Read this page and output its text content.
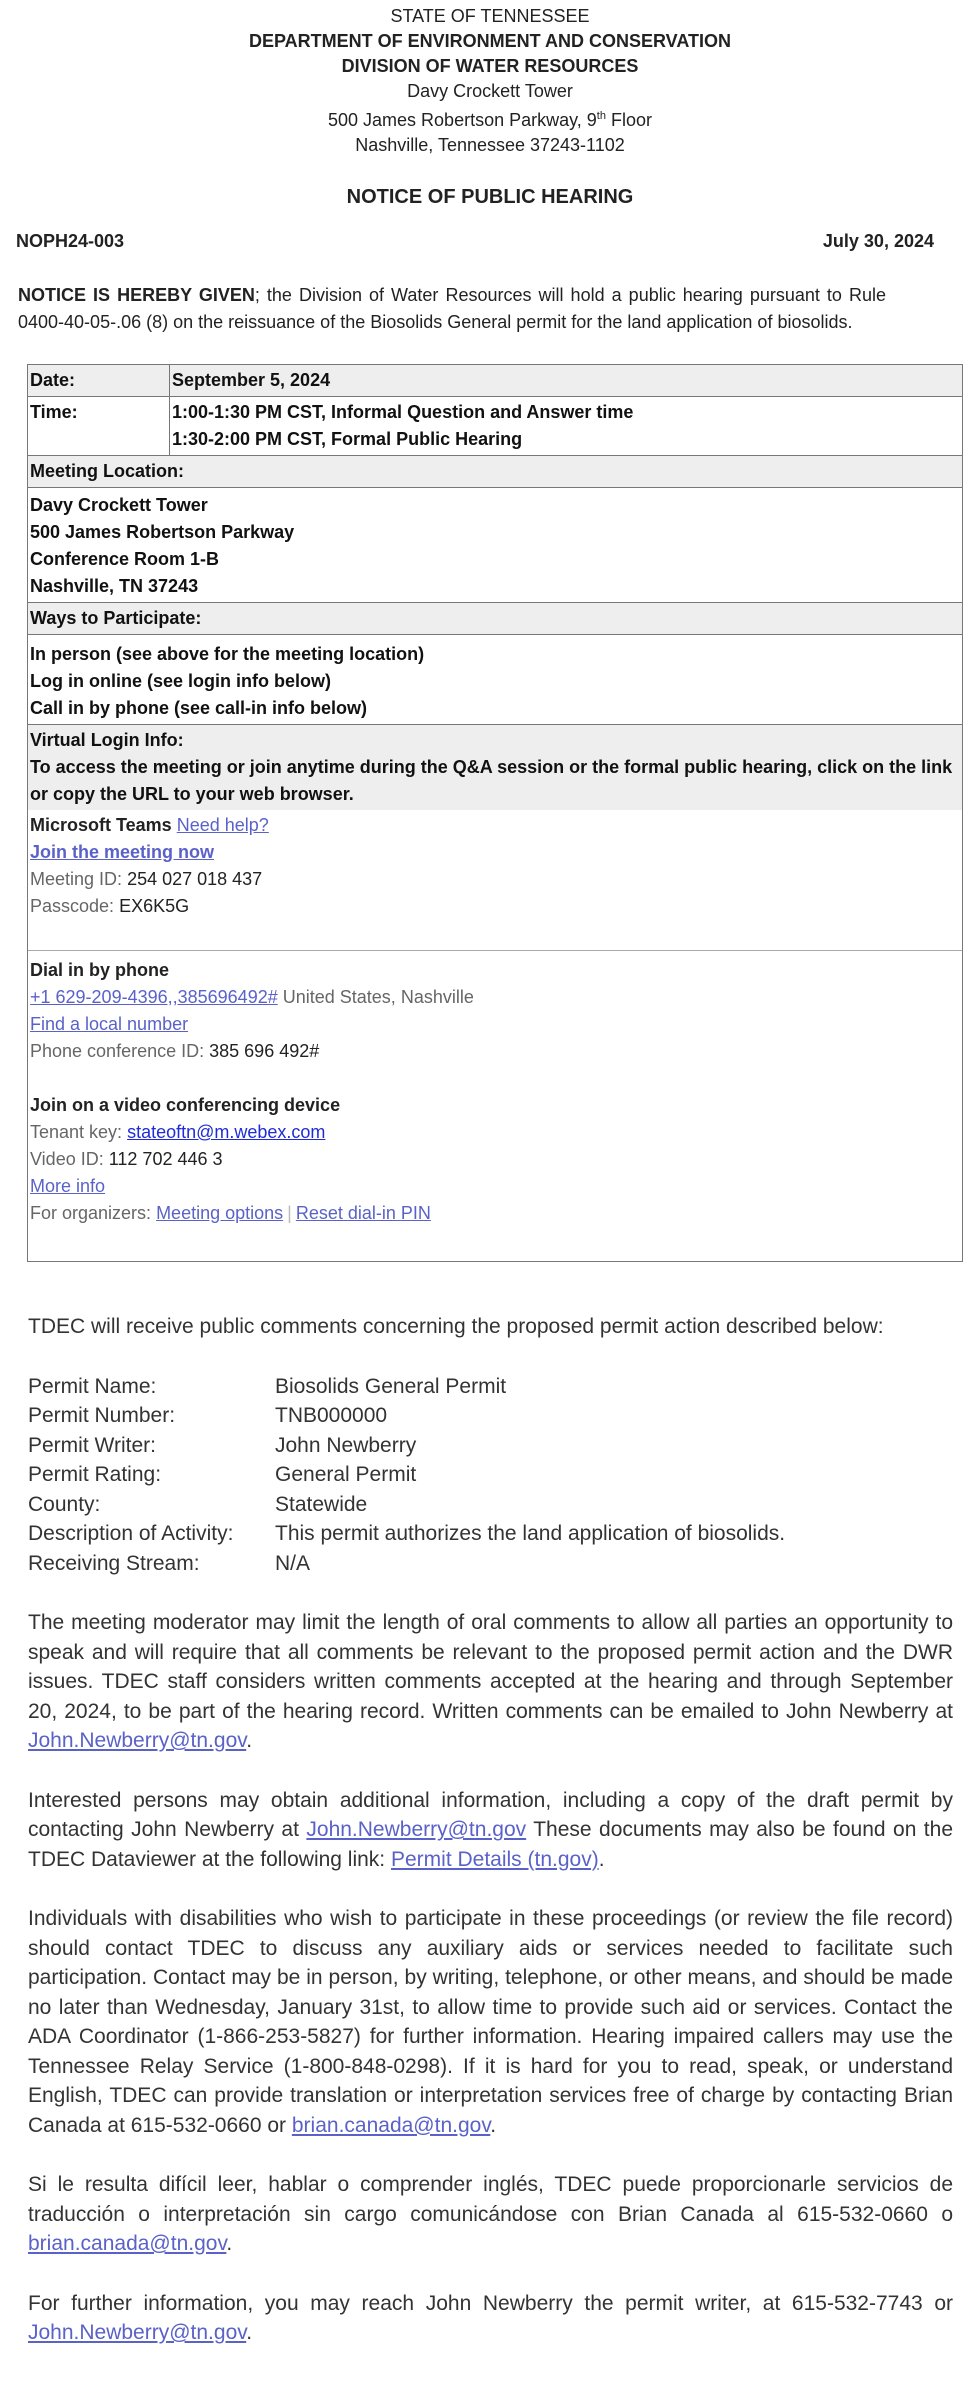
STATE OF TENNESSEE
DEPARTMENT OF ENVIRONMENT AND CONSERVATION
DIVISION OF WATER RESOURCES
Davy Crockett Tower
500 James Robertson Parkway, 9th Floor
Nashville, Tennessee 37243-1102
NOTICE OF PUBLIC HEARING
NOPH24-003	July 30, 2024
NOTICE IS HEREBY GIVEN; the Division of Water Resources will hold a public hearing pursuant to Rule 0400-40-05-.06 (8) on the reissuance of the Biosolids General permit for the land application of biosolids.
Date:	September 5, 2024
Time:	1:00-1:30 PM CST, Informal Question and Answer time
1:30-2:00 PM CST, Formal Public Hearing

Meeting Location:	

Davy Crockett Tower
500 James Robertson Parkway
Conference Room 1-B
Nashville, TN 37243	

Ways to Participate:	

In person (see above for the meeting location)
Log in online (see login info below)
Call in by phone (see call-in info below)	

Virtual Login Info:
To access the meeting or join anytime during the Q&A session or the formal public hearing, click on the link or copy the URL to your web browser.	
Microsoft Teams Need help?
Join the meeting now
Meeting ID: 254 027 018 437
Passcode: EX6K5G
Dial in by phone
+1 629-209-4396,,385696492# United States, Nashville
Find a local number
Phone conference ID: 385 696 492#
Join on a video conferencing device
Tenant key: stateoftn@m.webex.com
Video ID: 112 702 446 3
More info
For organizers: Meeting options | Reset dial-in PIN
TDEC will receive public comments concerning the proposed permit action described below:
Permit Name:	Biosolids General Permit
Permit Number:	TNB000000
Permit Writer:	John Newberry
Permit Rating:	General Permit
County:	Statewide
Description of Activity:	This permit authorizes the land application of biosolids.
Receiving Stream:	N/A
The meeting moderator may limit the length of oral comments to allow all parties an opportunity to speak and will require that all comments be relevant to the proposed permit action and the DWR issues. TDEC staff considers written comments accepted at the hearing and through September 20, 2024, to be part of the hearing record. Written comments can be emailed to John Newberry at John.Newberry@tn.gov.
Interested persons may obtain additional information, including a copy of the draft permit by contacting John Newberry at John.Newberry@tn.gov These documents may also be found on the TDEC Dataviewer at the following link: Permit Details (tn.gov).
Individuals with disabilities who wish to participate in these proceedings (or review the file record) should contact TDEC to discuss any auxiliary aids or services needed to facilitate such participation. Contact may be in person, by writing, telephone, or other means, and should be made no later than Wednesday, January 31st, to allow time to provide such aid or services. Contact the ADA Coordinator (1-866-253-5827) for further information. Hearing impaired callers may use the Tennessee Relay Service (1-800-848-0298). If it is hard for you to read, speak, or understand English, TDEC can provide translation or interpretation services free of charge by contacting Brian Canada at 615-532-0660 or brian.canada@tn.gov.
Si le resulta difícil leer, hablar o comprender inglés, TDEC puede proporcionarle servicios de traducción o interpretación sin cargo comunicándose con Brian Canada al 615-532-0660 o brian.canada@tn.gov.
For further information, you may reach John Newberry the permit writer, at 615-532-7743 or John.Newberry@tn.gov.
